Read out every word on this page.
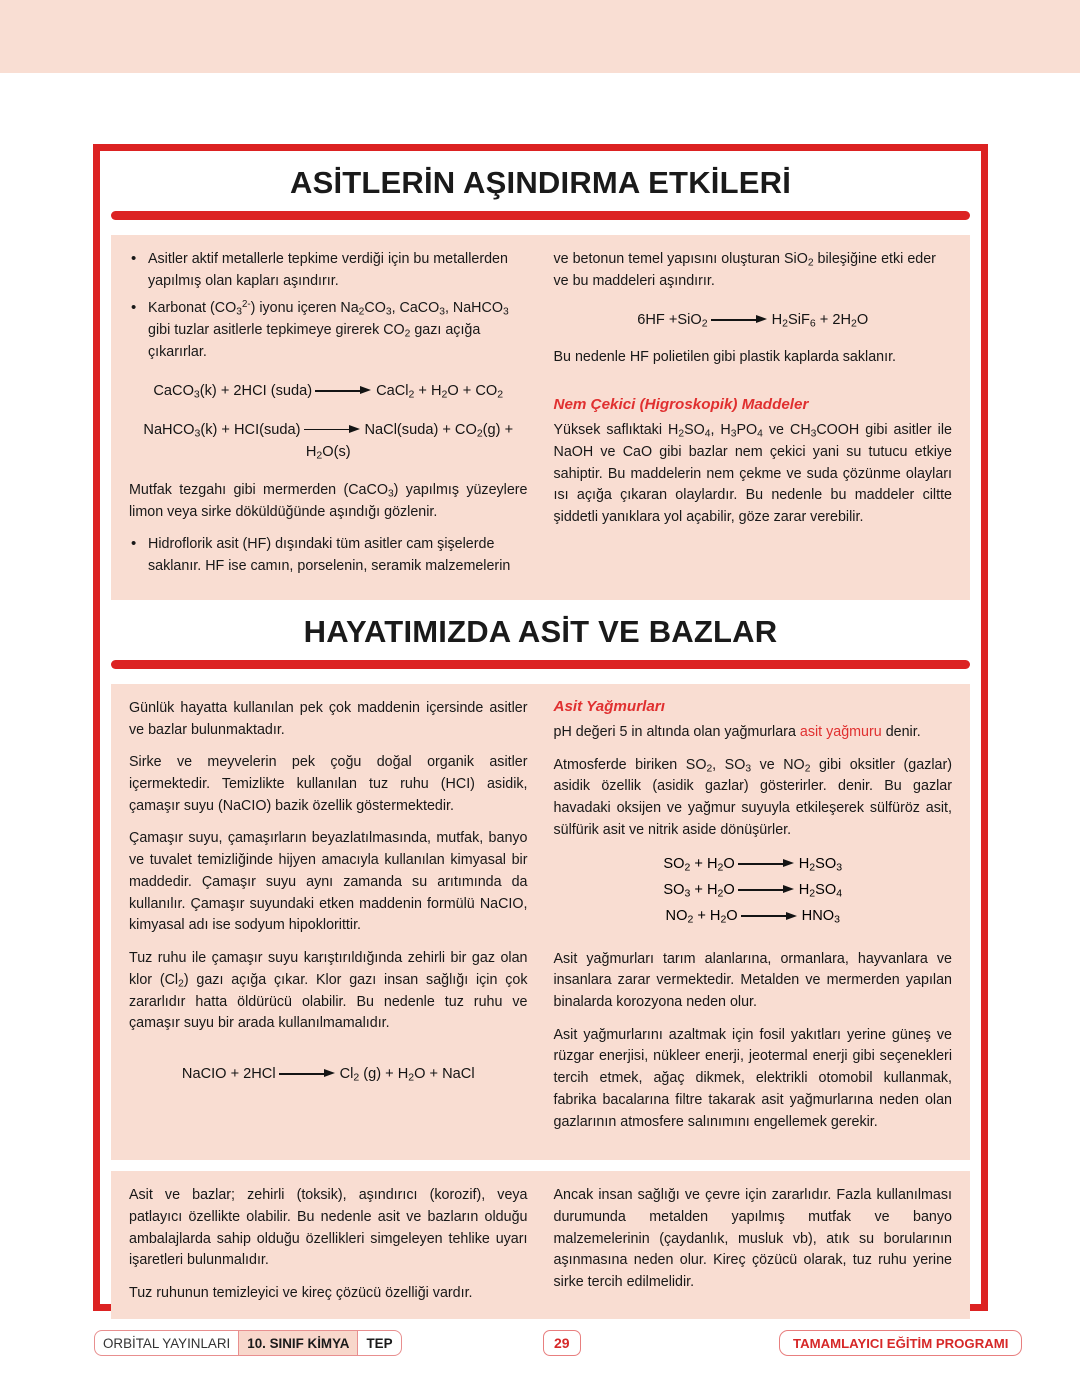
ASİTLERİN AŞINDIRMA ETKİLERİ
• Asitler aktif metallerle tepkime verdiği için bu metallerden yapılmış olan kapları aşındırır.
• Karbonat $(CO_3^{2-})$ iyonu içeren $Na_2CO_3$, CaCO$_3$, NaHCO$_3$ gibi tuzlar asitlerle tepkimeye girerek $CO_2$ gazı açığa çıkarırlar.
CaCO$_3$(k) + 2HCI (suda)	CaCl$_2$ + $H_2O + CO_2$
NaHCO$_3$(k) + HCI(suda)	NaCl(suda) + $CO_2(g)$ +
$H_2O(s)$

Mutfak tezgahı gibi mermerden (CaCO$_3$) yapılmış yüzeylere limon veya sirke döküldüğünde aşındığı gözlenir.

• Hidroflorik asit (HF) dışındaki tüm asitler cam şişelerde saklanır. HF ise camın, porselenin, seramik malzemelerin

ve betonun temel yapısını oluşturan SiO$_2$ bileşiğine etki eder ve bu maddeleri aşındırır.

6HF +SiO$_2$	$H_2SiF_6 + 2H_2O$

Bu nedenle HF polietilen gibi plastik kaplarda saklanır.

Nem Çekici (Higroskopik) Maddeler

Yüksek saflıktaki $H_2SO_4$, $H_3PO_4$ ve $CH_3COOH$ gibi asitler ile NaOH ve CaO gibi bazlar nem çekici yani su tutucu etkiye sahiptir. Bu maddelerin nem çekme ve suda çözünme olayları ısı açığa çıkaran olaylardır. Bu nedenle bu maddeler ciltte şiddetli yanıklara yol açabilir, göze zarar verebilir.

HAYATIMIZDA ASİT VE BAZLAR

Günlük hayatta kullanılan pek çok maddenin içersinde asitler ve bazlar bulunmaktadır.

Sirke ve meyvelerin pek çoğu doğal organik asitler içermektedir. Temizlikte kullanılan tuz ruhu (HCI) asidik, çamaşır suyu (NaCIO) bazik özellik göstermektedir.

Çamaşır suyu, çamaşırların beyazlatılmasında, mutfak, banyo ve tuvalet temizliğinde hijyen amacıyla kullanılan kimyasal bir maddedir. Çamaşır suyu aynı zamanda su arıtımında da kullanılır. Çamaşır suyundaki etken maddenin formülü NaCIO, kimyasal adı ise sodyum hipoklorittir.

Tuz ruhu ile çamaşır suyu karıştırıldığında zehirli bir gaz olan klor $(Cl_2)$ gazı açığa çıkar. Klor gazı insan sağlığı için çok zararlıdır hatta öldürücü olabilir. Bu nedenle tuz ruhu ve çamaşır suyu bir arada kullanılmamalıdır.

NaCIO + 2HCl	$Cl_2$ $(g) + H_2O$ + NaCl
Asit Yağmurları

pH değeri 5 in altında olan yağmurlara asit yağmuru denir.

Atmosferde biriken $SO_2$, $SO_3$ ve $NO_2$ gibi oksitler (gazlar) asidik özellik (asidik gazlar) gösterirler. denir. Bu gazlar havadaki oksijen ve yağmur suyuyla etkileşerek sülfüröz asit, sülfürik asit ve nitrik aside dönüşürler.

$SO_2 + H_2O$	$H_2SO_3$
$SO_3 + H_2O$	$H_2SO_4$
$NO_2 + H_2O$	$HNO_3$

Asit yağmurları tarım alanlarına, ormanlara, hayvanlara ve insanlara zarar vermektedir. Metalden ve mermerden yapılan binalarda korozyona neden olur.

Asit yağmurlarını azaltmak için fosil yakıtları yerine güneş ve rüzgar enerjisi, nükleer enerji, jeotermal enerji gibi seçenekleri tercih etmek, ağaç dikmek, elektrikli otomobil kullanmak, fabrika bacalarına filtre takarak asit yağmurlarına neden olan gazlarının atmosfere salınımını engellemek gerekir.

Asit ve bazlar; zehirli (toksik), aşındırıcı (korozif), veya patlayıcı özellikte olabilir. Bu nedenle asit ve bazların olduğu ambalajlarda sahip olduğu özellikleri simgeleyen tehlike uyarı işaretleri bulunmalıdır.

Tuz ruhunun temizleyici ve kireç çözücü özelliği vardır.

Ancak insan sağlığı ve çevre için zararlıdır. Fazla kullanılması durumunda metalden yapılmış mutfak ve banyo malzemelerinin (çaydanlık, musluk vb), atık su borularının aşınmasına neden olur. Kireç çözücü olarak, tuz ruhu yerine sirke tercih edilmelidir.

ORBİTAL YAYINLARI	10. SINIF KİMYA	TEP	29	TAMAMLAYICI EĞİTİM PROGRAMI
